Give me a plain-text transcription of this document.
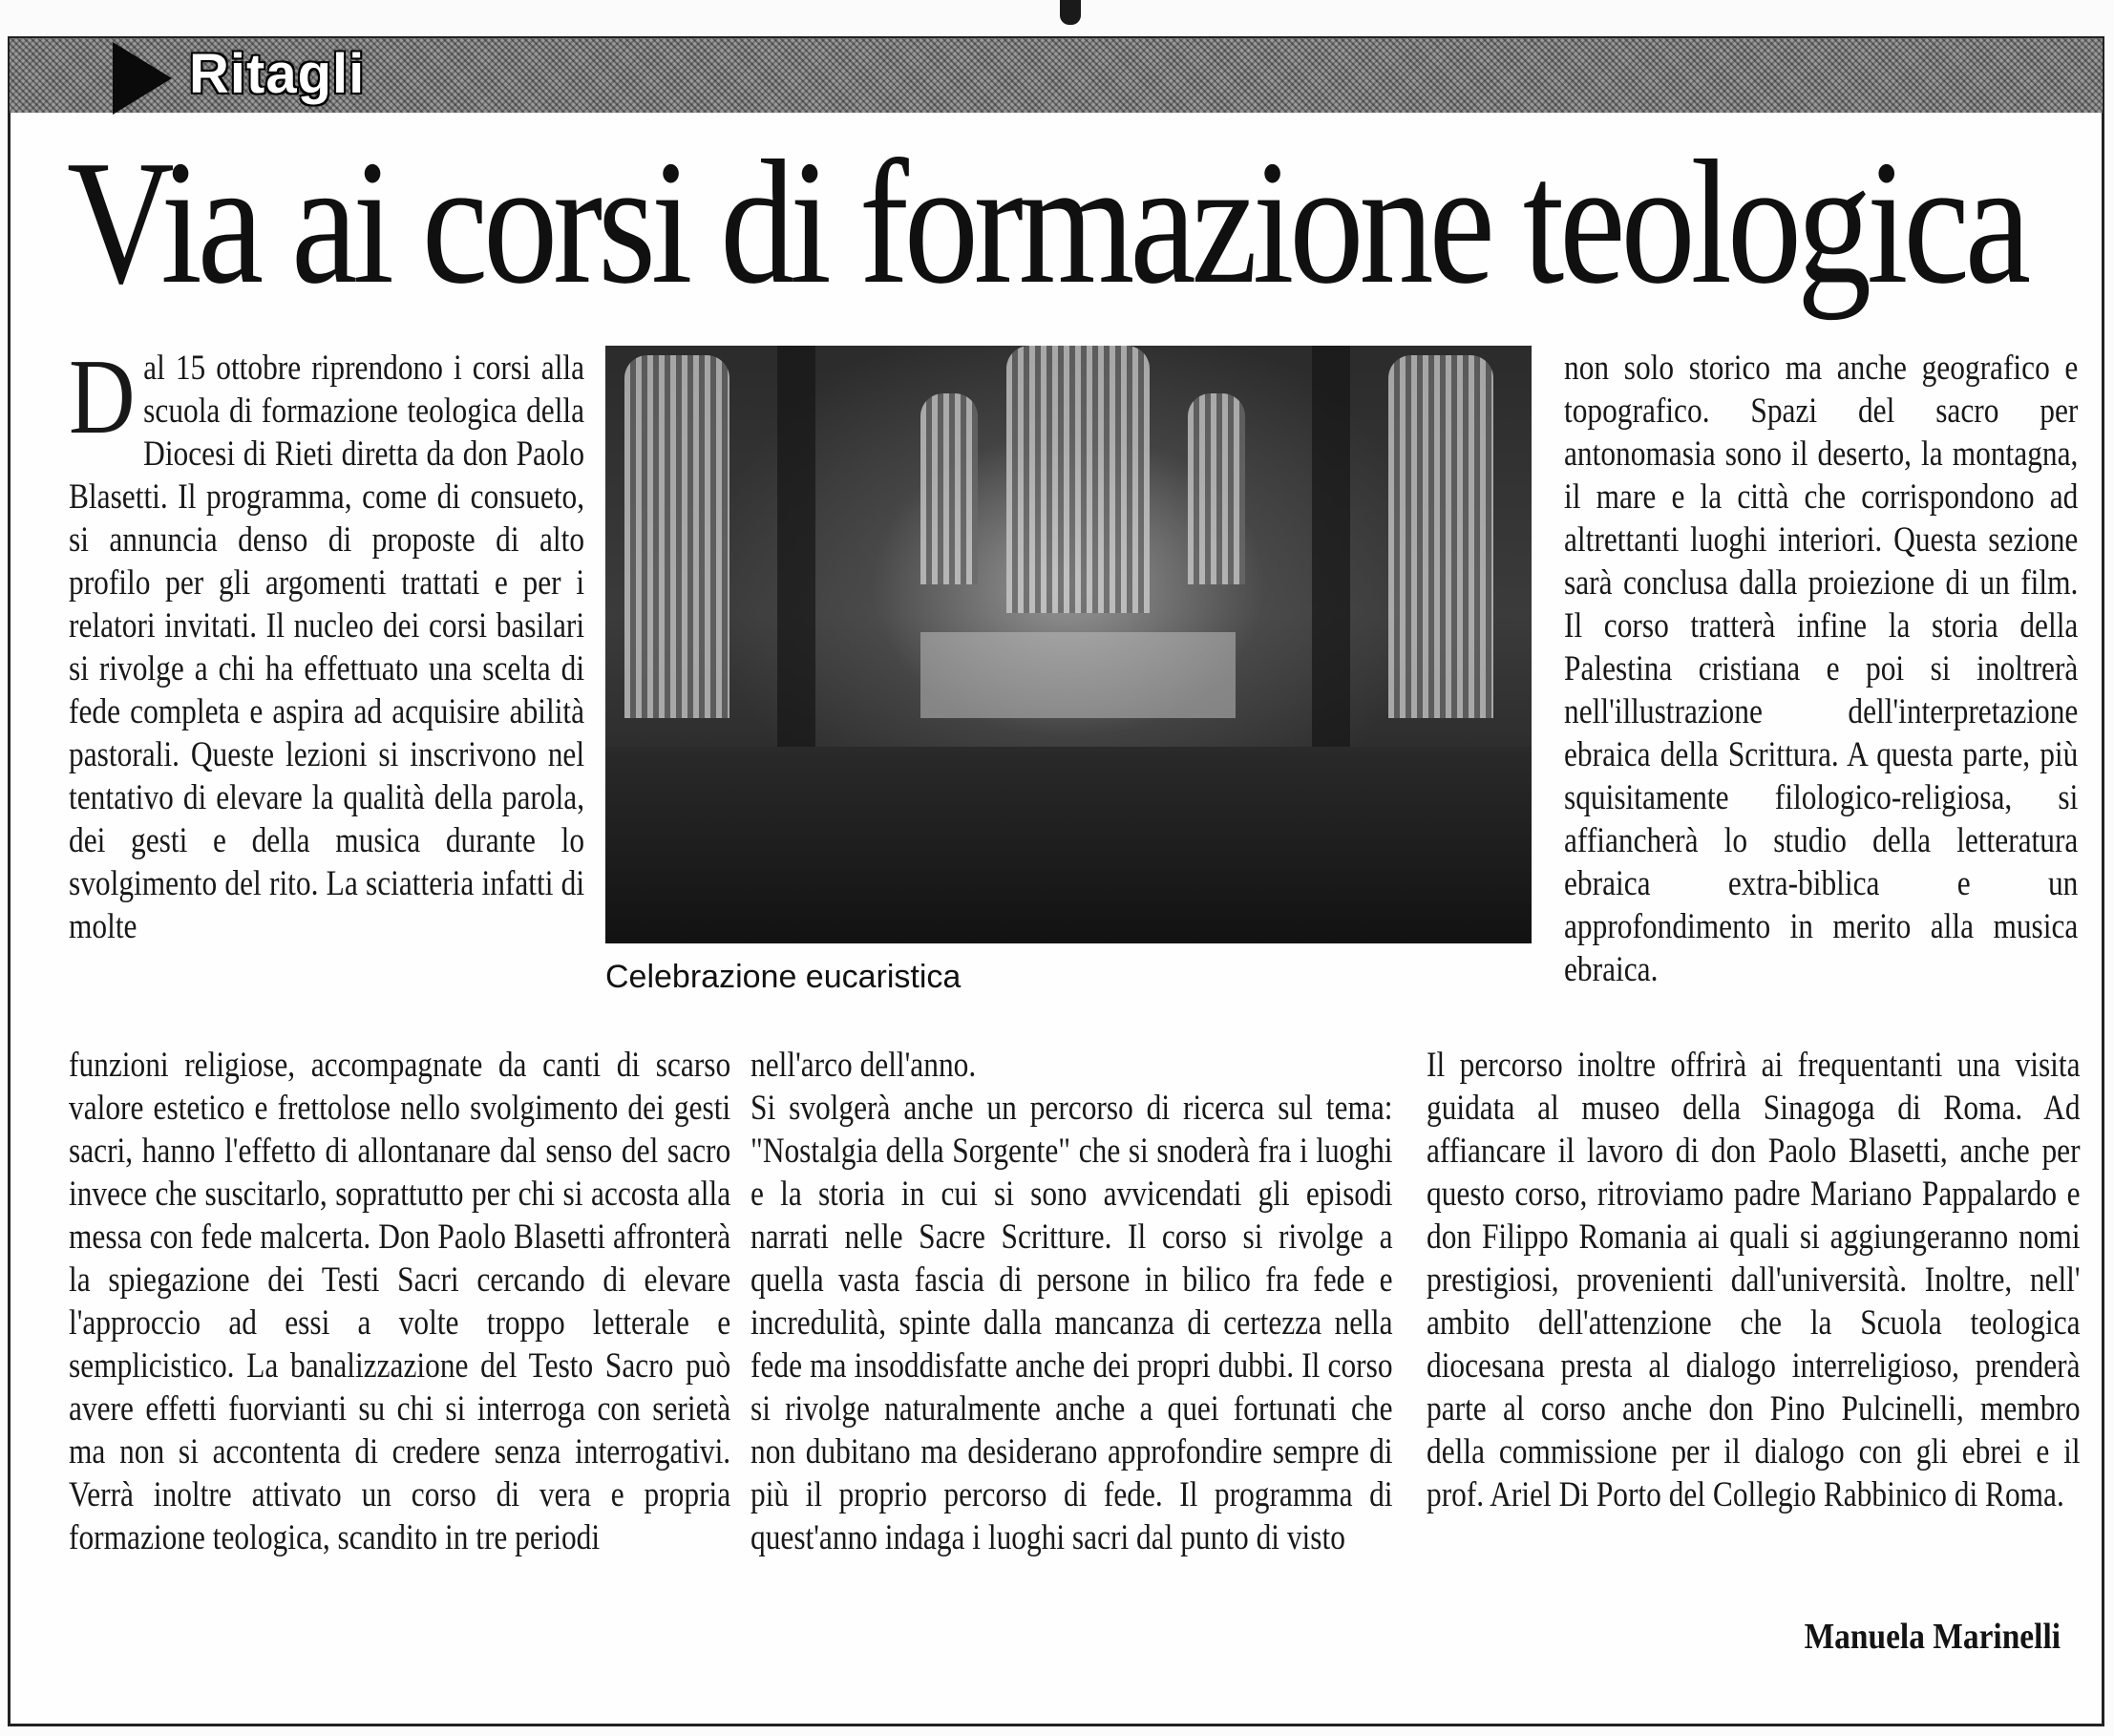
Ritagli
Via ai corsi di formazione teologica

Dal 15 ottobre riprendono i corsi alla scuola di formazione teologica della Diocesi di Rieti diretta da don Paolo Blasetti. Il programma, come di consueto, si annuncia denso di proposte di alto profilo per gli argomenti trattati e per i relatori invitati. Il nucleo dei corsi basilari si rivolge a chi ha effettuato una scelta di fede completa e aspira ad acquisire abilità pastorali. Queste lezioni si inscrivono nel tentativo di elevare la qualità della parola, dei gesti e della musica durante lo svolgimento del rito. La sciatteria infatti di molte

Celebrazione eucaristica

funzioni religiose, accompagnate da canti di scarso valore estetico e frettolose nello svolgimento dei gesti sacri, hanno l'effetto di allontanare dal senso del sacro invece che suscitarlo, soprattutto per chi si accosta alla messa con fede malcerta. Don Paolo Blasetti affronterà la spiegazione dei Testi Sacri cercando di elevare l'approccio ad essi a volte troppo letterale e semplicistico. La banalizzazione del Testo Sacro può avere effetti fuorvianti su chi si interroga con serietà ma non si accontenta di credere senza interrogativi. Verrà inoltre attivato un corso di vera e propria formazione teologica, scandito in tre periodi

nell'arco dell'anno.

Si svolgerà anche un percorso di ricerca sul tema: "Nostalgia della Sorgente" che si snoderà fra i luoghi e la storia in cui si sono avvicendati gli episodi narrati nelle Sacre Scritture. Il corso si rivolge a quella vasta fascia di persone in bilico fra fede e incredulità, spinte dalla mancanza di certezza nella fede ma insoddisfatte anche dei propri dubbi. Il corso si rivolge naturalmente anche a quei fortunati che non dubitano ma desiderano approfondire sempre di più il proprio percorso di fede. Il programma di quest'anno indaga i luoghi sacri dal punto di visto

non solo storico ma anche geografico e topografico. Spazi del sacro per antonomasia sono il deserto, la montagna, il mare e la città che corrispondono ad altrettanti luoghi interiori. Questa sezione sarà conclusa dalla proiezione di un film. Il corso tratterà infine la storia della Palestina cristiana e poi si inoltrerà nell'illustrazione dell'interpretazione ebraica della Scrittura. A questa parte, più squisitamente filologico-religiosa, si affiancherà lo studio della letteratura ebraica extra-biblica e un approfondimento in merito alla musica ebraica.

Il percorso inoltre offrirà ai frequentanti una visita guidata al museo della Sinagoga di Roma. Ad affiancare il lavoro di don Paolo Blasetti, anche per questo corso, ritroviamo padre Mariano Pappalardo e don Filippo Romania ai quali si aggiungeranno nomi prestigiosi, provenienti dall'università. Inoltre, nell' ambito dell'attenzione che la Scuola teologica diocesana presta al dialogo interreligioso, prenderà parte al corso anche don Pino Pulcinelli, membro della commissione per il dialogo con gli ebrei e il prof. Ariel Di Porto del Collegio Rabbinico di Roma.

Manuela Marinelli
